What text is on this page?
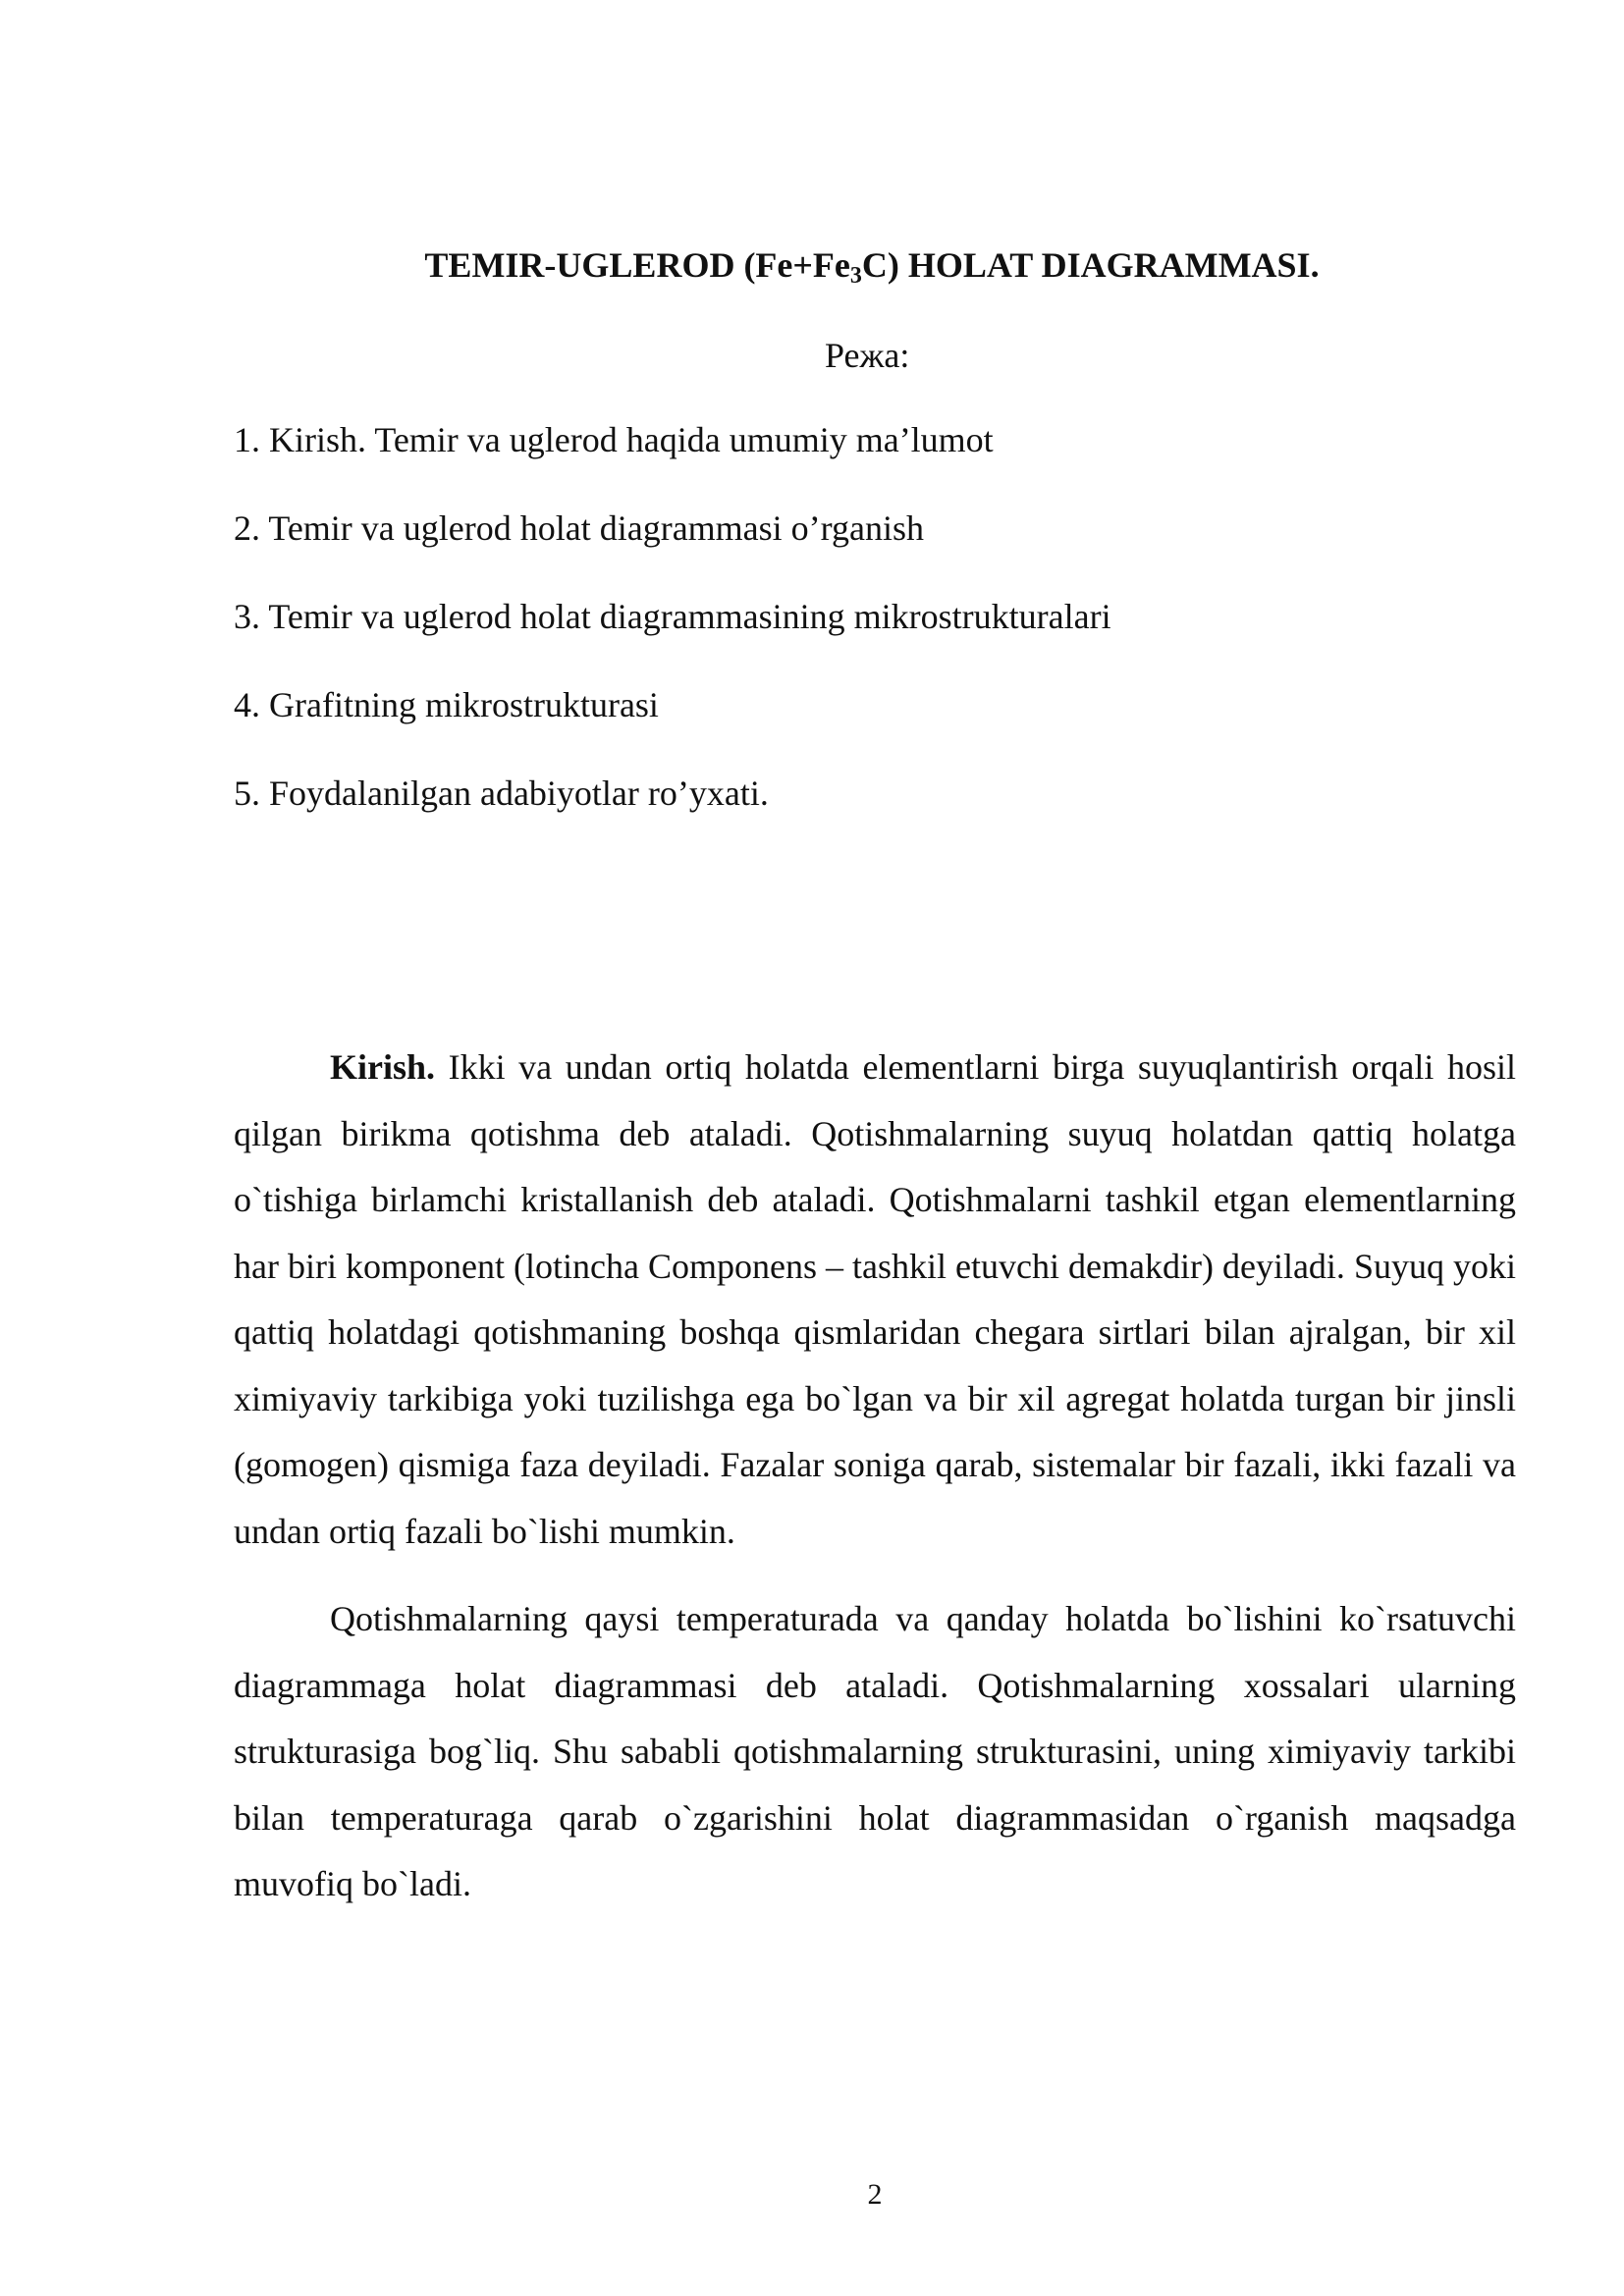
TEMIR-UGLEROD $(Fe+Fe_3C)$ HOLAT DIAGRAMMASI.
Режа:
1. Kirish. Temir va uglerod haqida umumiy ma’lumot
2. Temir va uglerod holat diagrammasi o’rganish
3. Temir va uglerod holat diagrammasining mikrostrukturalari
4. Grafitning mikrostrukturasi
5. Foydalanilgan adabiyotlar ro’yxati.

Kirish. Ikki va undan ortiq holatda elementlarni birga suyuqlantirish orqali hosil qilgan birikma qotishma deb ataladi. Qotishmalarning suyuq holatdan qattiq holatga o`tishiga birlamchi kristallanish deb ataladi. Qotishmalarni tashkil etgan elementlarning har biri komponent (lotincha Componens – tashkil etuvchi demakdir) deyiladi. Suyuq yoki qattiq holatdagi qotishmaning boshqa qismlaridan chegara sirtlari bilan ajralgan, bir xil ximiyaviy tarkibiga yoki tuzilishga ega bo`lgan va bir xil agregat holatda turgan bir jinsli (gomogen) qismiga faza deyiladi. Fazalar soniga qarab, sistemalar bir fazali, ikki fazali va undan ortiq fazali bo`lishi mumkin.

Qotishmalarning qaysi temperaturada va qanday holatda bo`lishini ko`rsatuvchi diagrammaga holat diagrammasi deb ataladi. Qotishmalarning xossalari ularning strukturasiga bog`liq. Shu sababli qotishmalarning strukturasini, uning ximiyaviy tarkibi bilan temperaturaga qarab o`zgarishini holat diagrammasidan o`rganish maqsadga muvofiq bo`ladi.

2
